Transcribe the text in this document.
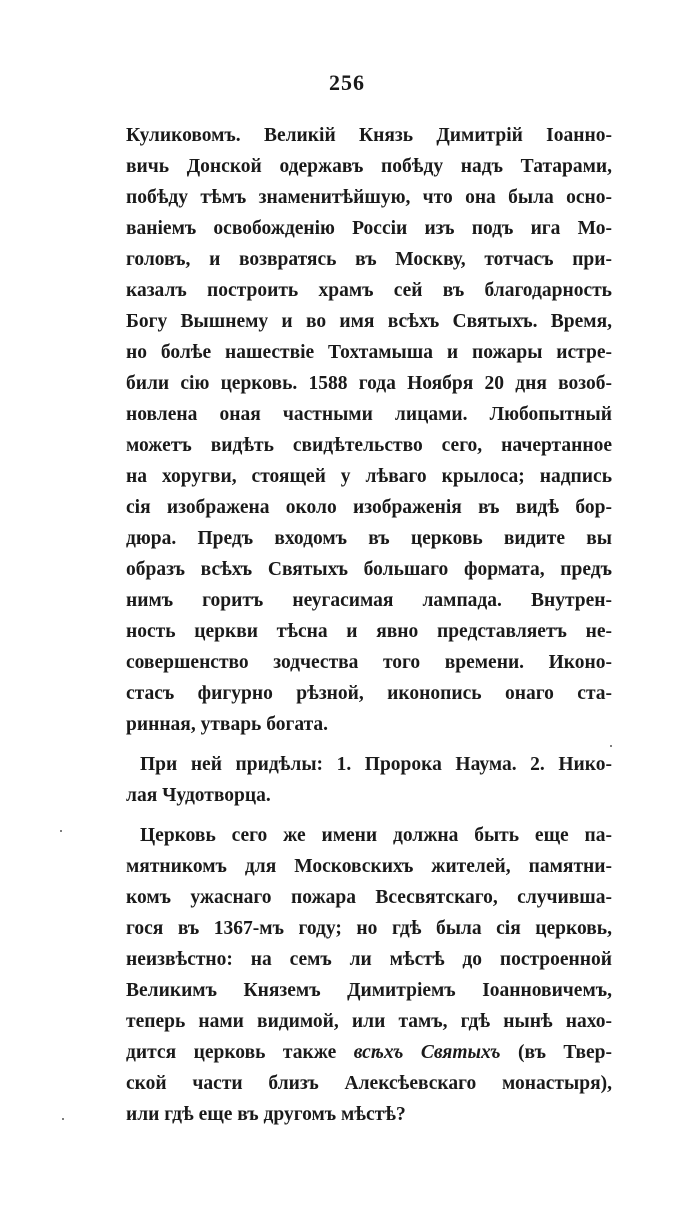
256
Куликовомъ. Великій Князь Димитрій Іоанно-
вичь Донской одержавъ побѣду надъ Татарами,
побѣду тѣмъ знаменитѣйшую, что она была осно-
ваніемъ освобожденію Россіи изъ подъ ига Мо-
головъ, и возвратясь въ Москву, тотчасъ при-
казалъ построить храмъ сей въ благодарность
Богу Вышнему и во имя всѣхъ Святыхъ. Время,
но болѣе нашествіе Тохтамыша и пожары истре-
били сію церковь. 1588 года Ноября 20 дня возоб-
новлена оная частными лицами. Любопытный
можетъ видѣть свидѣтельство сего, начертанное
на хоругви, стоящей у лѣваго крылоса; надпись
сія изображена около изображенія въ видѣ бор-
дюра. Предъ входомъ въ церковь видите вы
образъ всѣхъ Святыхъ большаго формата, предъ
нимъ горитъ неугасимая лампада. Внутрен-
ность церкви тѣсна и явно представляетъ не-
совершенство зодчества того времени. Иконо-
стасъ фигурно рѣзной, иконопись онаго ста-
ринная, утварь богата.
При ней придѣлы: 1. Пророка Наума. 2. Нико-
лая Чудотворца.
Церковь сего же имени должна быть еще па-
мятникомъ для Московскихъ жителей, памятни-
комъ ужаснаго пожара Всесвятскаго, случивша-
гося въ 1367-мъ году; но гдѣ была сія церковь,
неизвѣстно: на семъ ли мѣстѣ до построенной
Великимъ Княземъ Димитріемъ Іоанновичемъ,
теперь нами видимой, или тамъ, гдѣ нынѣ нахо-
дится церковь также всѣхъ Святыхъ (въ Твер-
ской части близъ Алексѣевскаго монастыря),
или гдѣ еще въ другомъ мѣстѣ?
